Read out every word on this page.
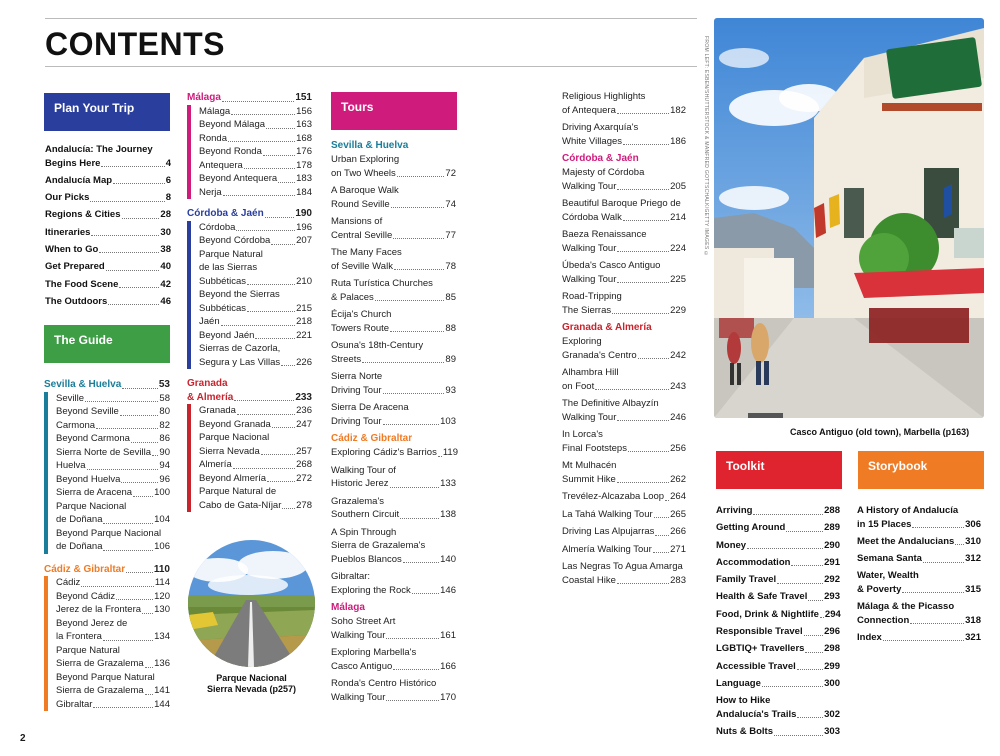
CONTENTS	FROM LEFT: ESBEN/SHUTTERSTOCK & MANFRED GOTTSCHALK/GETTY IMAGES ©
Plan Your Trip
The Guide
Tours
Toolkit	Storybook
Andalucía: The Journey
Begins Here	4
Andalucía Map	6
Our Picks	8
Regions & Cities	28
Itineraries	30
When to Go	38
Get Prepared	40
The Food Scene	42
The Outdoors	46
Sevilla & Huelva	53
Seville	58
Beyond Seville	80
Carmona	82
Beyond Carmona	86
Sierra Norte de Sevilla 90
Huelva	94
Beyond Huelva	96
Sierra de Aracena 100
Parque Nacional
de Doñana	104
Beyond Parque Nacional
de Doñana	106
Cádiz & Gibraltar	110
Cádiz	114
Beyond Cádiz	120
Jerez de la Frontera 130
Beyond Jerez de
la Frontera	134
Parque Natural
Sierra de Grazalema 136
Beyond Parque Natural
Sierra de Grazalema 141
Gibraltar	144
Málaga	151
Málaga	156
Beyond Málaga	163
Ronda	168
Beyond Ronda	176
Antequera	178
Beyond Antequera 183
Nerja	184
Córdoba & Jaén	190
Córdoba	196
Beyond Córdoba	207
Parque Natural
de las Sierras
Subbéticas	210
Beyond the Sierras
Subbéticas	215
Jaén	218
Beyond Jaén	221
Sierras de Cazorla,
Segura y Las Villas 226
Granada
& Almería	233
Granada	236
Beyond Granada	247
Parque Nacional
Sierra Nevada	257
Almería	268
Beyond Almería	272
Parque Natural de
Cabo de Gata-Níjar 278
Sevilla & Huelva
Urban Exploring
on Two Wheels	72
A Baroque Walk
Round Seville	74
Mansions of
Central Seville	77
The Many Faces
of Seville Walk	78
Ruta Turística Churches
& Palaces	85
Écija's Church
Towers Route	88
Osuna's 18th-Century
Streets	89
Sierra Norte
Driving Tour	93
Sierra De Aracena
Driving Tour	103
Cádiz & Gibraltar
Exploring Cádiz's Barrios 119
Walking Tour of
Historic Jerez	133
Grazalema's
Southern Circuit	138
A Spin Through
Sierra de Grazalema's
Pueblos Blancos	140
Gibraltar:
Exploring the Rock	146
Málaga
Soho Street Art
Walking Tour	161
Exploring Marbella's
Casco Antiguo	166
Ronda's Centro Histórico
Walking Tour	170
Religious Highlights
of Antequera	182
Driving Axarquía's
White Villages	186
Córdoba & Jaén
Majesty of Córdoba
Walking Tour	205
Beautiful Baroque Priego de
Córdoba Walk	214
Baeza Renaissance
Walking Tour	224
Úbeda's Casco Antiguo
Walking Tour	225
Road-Tripping
The Sierras	229
Granada & Almería
Exploring
Granada's Centro	242
Alhambra Hill
on Foot	243
The Definitive Albayzín
Walking Tour	246
In Lorca's
Final Footsteps	256
Mt Mulhacén
Summit Hike	262
Trevélez-Alcazaba Loop 264
La Tahá Walking Tour 265
Driving Las Alpujarras 266
Almería Walking Tour 271
Las Negras To Agua Amarga
Coastal Hike	283
Arriving	288
Getting Around	289
Money	290
Accommodation	291
Family Travel	292
Health & Safe Travel 293
Food, Drink & Nightlife 294
Responsible Travel 296
LGBTIQ+ Travellers 298
Accessible Travel	299
Language	300
How to Hike
Andalucía's Trails	302
Nuts & Bolts	303
A History of Andalucía
in 15 Places	306
Meet the Andalucians 310
Semana Santa	312
Water, Wealth
& Poverty	315
Málaga & the Picasso
Connection	318
Index	321
Casco Antiguo (old town), Marbella (p163)
Parque Nacional
Sierra Nevada (p257)
2
